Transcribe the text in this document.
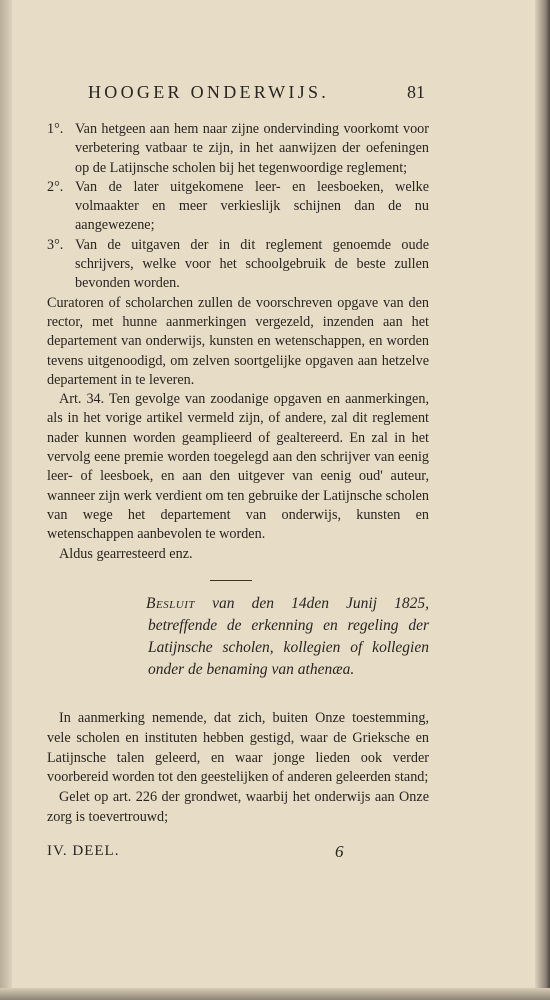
HOOGER ONDERWIJS.	81

1°. Van hetgeen aan hem naar zijne ondervinding voorkomt voor verbetering vatbaar te zijn, in het aanwijzen der oefeningen op de Latijnsche scholen bij het tegenwoordige reglement;

2°. Van de later uitgekomene leer- en leesboeken, welke volmaakter en meer verkieslijk schijnen dan de nu aangewezene;

3°. Van de uitgaven der in dit reglement genoemde oude schrijvers, welke voor het schoolgebruik de beste zullen bevonden worden.

Curatoren of scholarchen zullen de voorschreven opgave van den rector, met hunne aanmerkingen vergezeld, inzenden aan het departement van onderwijs, kunsten en wetenschappen, en worden tevens uitgenoodigd, om zelven soortgelijke opgaven aan hetzelve departement in te leveren.

Art. 34. Ten gevolge van zoodanige opgaven en aanmerkingen, als in het vorige artikel vermeld zijn, of andere, zal dit reglement nader kunnen worden geamplieerd of gealtereerd. En zal in het vervolg eene premie worden toegelegd aan den schrijver van eenig leer- of leesboek, en aan den uitgever van eenig oud' auteur, wanneer zijn werk verdient om ten gebruike der Latijnsche scholen van wege het departement van onderwijs, kunsten en wetenschappen aanbevolen te worden.

Aldus gearresteerd enz.

Besluit van den 14den Junij 1825, betreffende de erkenning en regeling der Latijnsche scholen, kollegien of kollegien onder de benaming van athenæa.

In aanmerking nemende, dat zich, buiten Onze toestemming, vele scholen en instituten hebben gestigd, waar de Grieksche en Latijnsche talen geleerd, en waar jonge lieden ook verder voorbereid worden tot den geestelijken of anderen geleerden stand;

Gelet op art. 226 der grondwet, waarbij het onderwijs aan Onze zorg is toevertrouwd;

IV. DEEL.	6
